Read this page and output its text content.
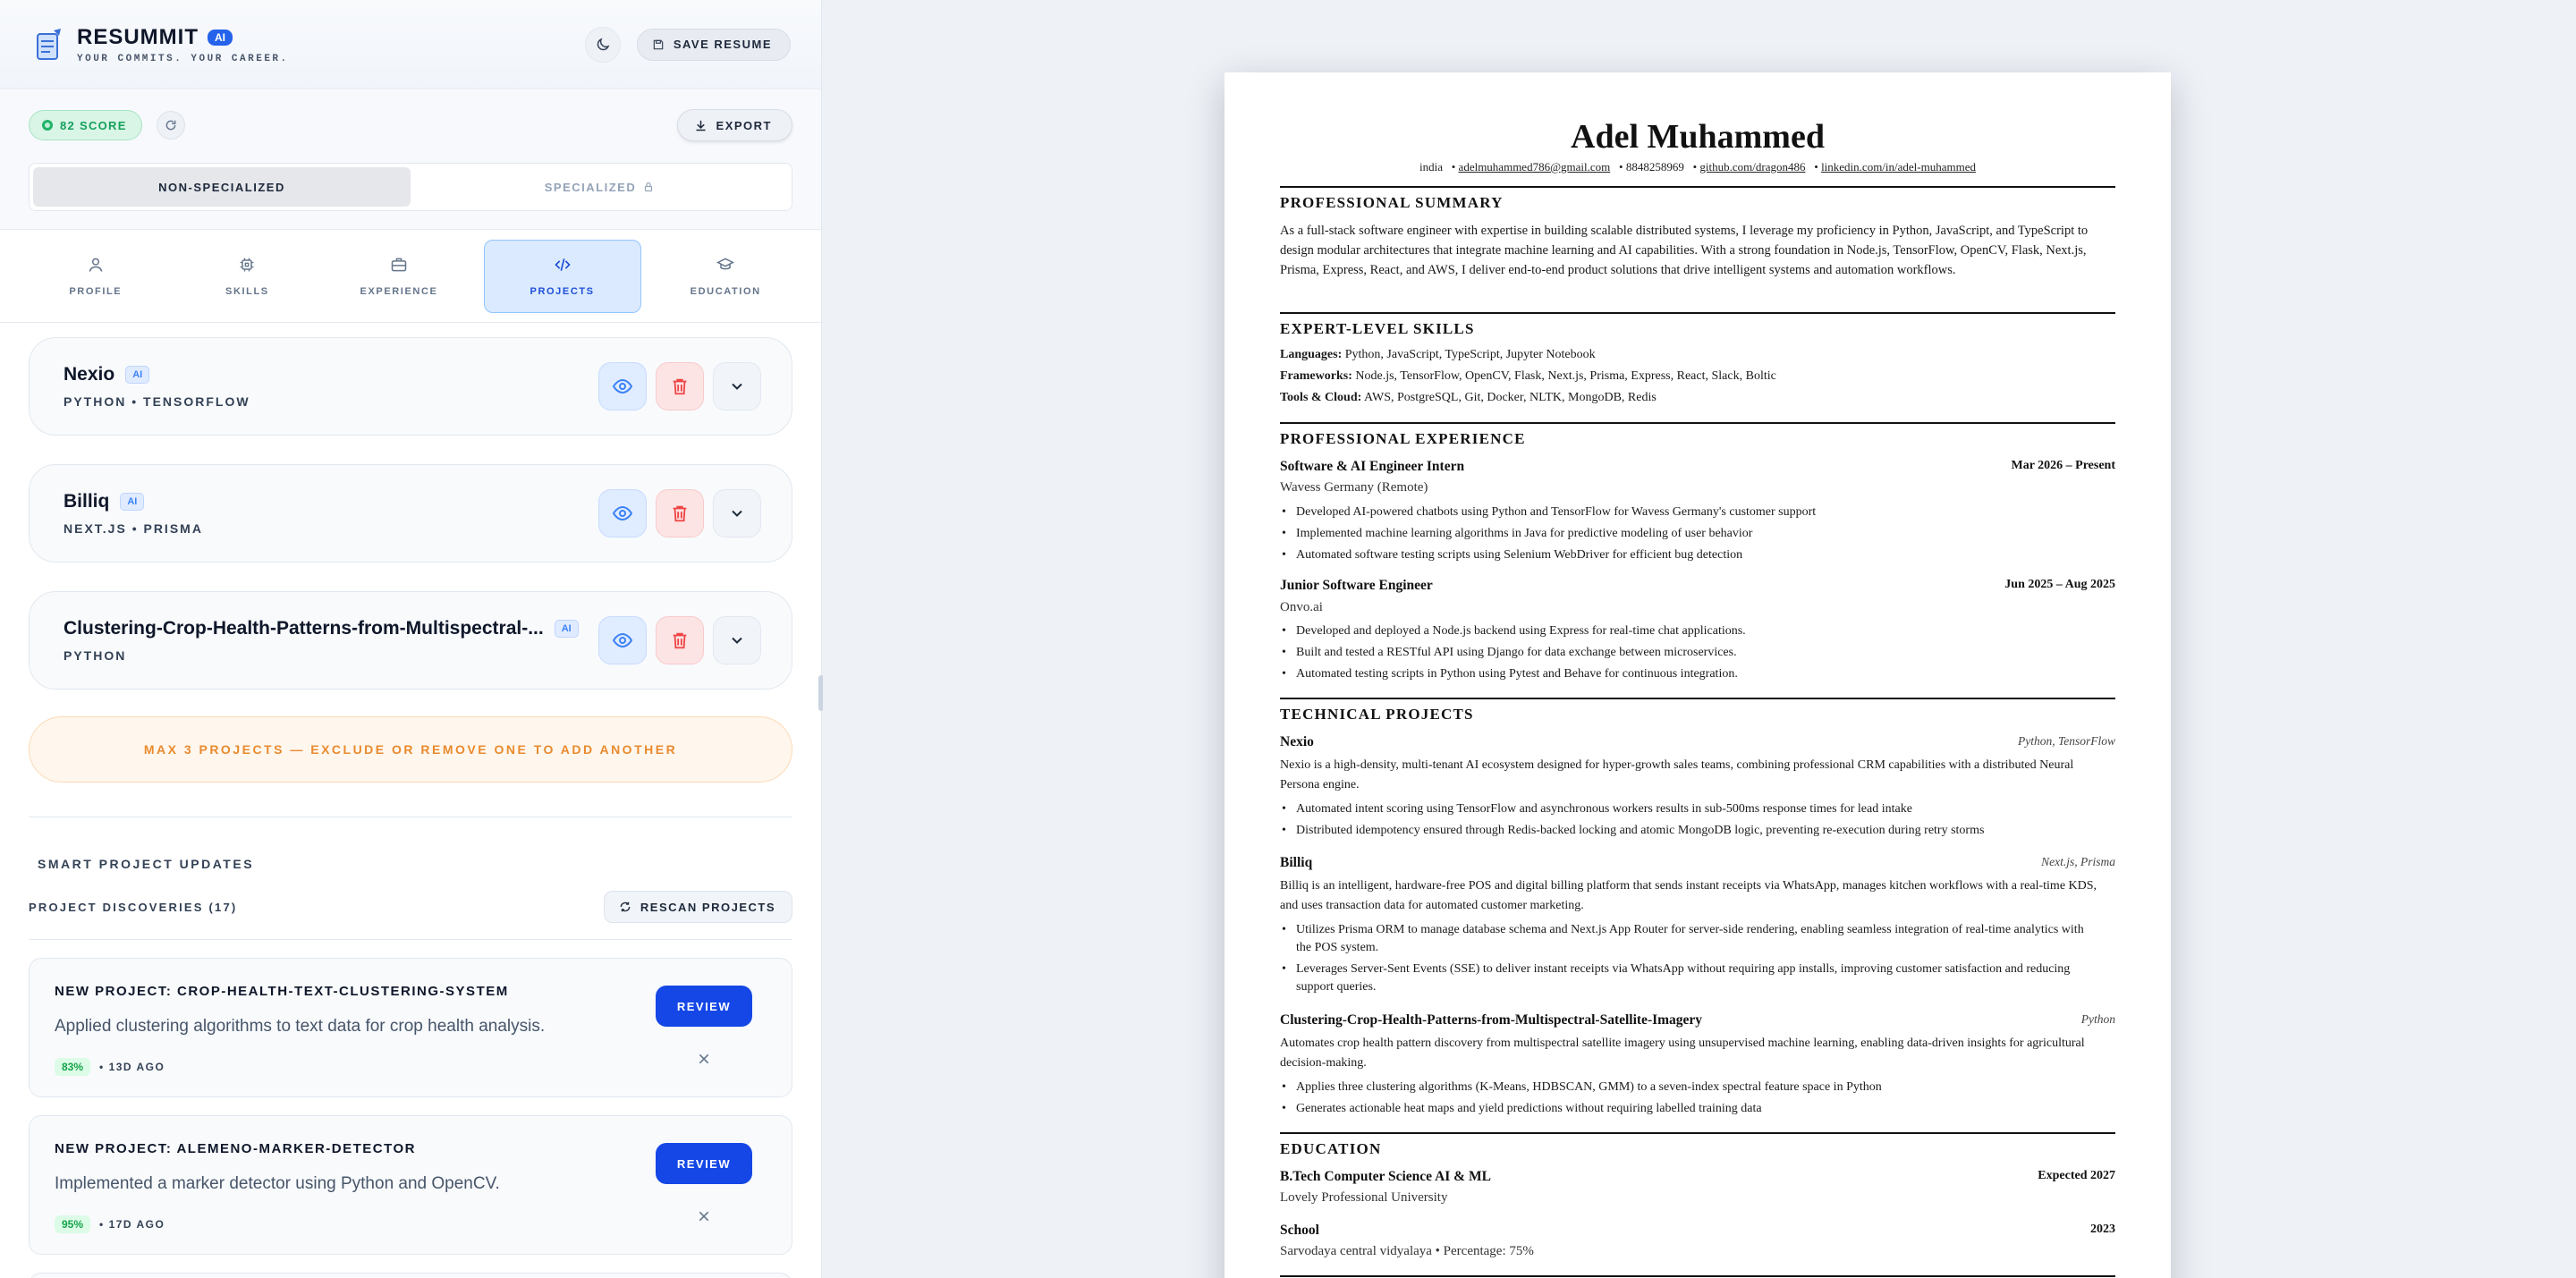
RESUMMIT	AI
YOUR COMMITS. YOUR CAREER.
SAVE RESUME
82 SCORE	EXPORT
NON-SPECIALIZED	SPECIALIZED
PROFILE	SKILLS	EXPERIENCE	PROJECTS	EDUCATION
Nexio	AI
PYTHON • TENSORFLOW
Billiq	AI
NEXT.JS • PRISMA
Clustering-Crop-Health-Patterns-from-Multispectral-...	AI
PYTHON
MAX 3 PROJECTS — EXCLUDE OR REMOVE ONE TO ADD ANOTHER
SMART PROJECT UPDATES
PROJECT DISCOVERIES (17)	RESCAN PROJECTS
NEW PROJECT: CROP-HEALTH-TEXT-CLUSTERING-SYSTEM
Applied clustering algorithms to text data for crop health analysis.
83%	• 13D AGO
REVIEW
NEW PROJECT: ALEMENO-MARKER-DETECTOR
Implemented a marker detector using Python and OpenCV.
95%	• 17D AGO
REVIEW
Adel Muhammed
india   • adelmuhammed786@gmail.com   • 8848258969   • github.com/dragon486   • linkedin.com/in/adel-muhammed
PROFESSIONAL SUMMARY
As a full-stack software engineer with expertise in building scalable distributed systems, I leverage my proficiency in Python, JavaScript, and TypeScript to design modular architectures that integrate machine learning and AI capabilities. With a strong foundation in Node.js, TensorFlow, OpenCV, Flask, Next.js, Prisma, Express, React, and AWS, I deliver end-to-end product solutions that drive intelligent systems and automation workflows.
EXPERT-LEVEL SKILLS
Languages: Python, JavaScript, TypeScript, Jupyter Notebook
Frameworks: Node.js, TensorFlow, OpenCV, Flask, Next.js, Prisma, Express, React, Slack, Boltic
Tools & Cloud: AWS, PostgreSQL, Git, Docker, NLTK, MongoDB, Redis
PROFESSIONAL EXPERIENCE
Software & AI Engineer Intern	Mar 2026 – Present
Wavess Germany (Remote)
• Developed AI-powered chatbots using Python and TensorFlow for Wavess Germany's customer support
• Implemented machine learning algorithms in Java for predictive modeling of user behavior
• Automated software testing scripts using Selenium WebDriver for efficient bug detection
Junior Software Engineer	Jun 2025 – Aug 2025
Onvo.ai
• Developed and deployed a Node.js backend using Express for real-time chat applications.
• Built and tested a RESTful API using Django for data exchange between microservices.
• Automated testing scripts in Python using Pytest and Behave for continuous integration.
TECHNICAL PROJECTS
Nexio	Python, TensorFlow
Nexio is a high-density, multi-tenant AI ecosystem designed for hyper-growth sales teams, combining professional CRM capabilities with a distributed Neural Persona engine.
• Automated intent scoring using TensorFlow and asynchronous workers results in sub-500ms response times for lead intake
• Distributed idempotency ensured through Redis-backed locking and atomic MongoDB logic, preventing re-execution during retry storms
Billiq	Next.js, Prisma
Billiq is an intelligent, hardware-free POS and digital billing platform that sends instant receipts via WhatsApp, manages kitchen workflows with a real-time KDS, and uses transaction data for automated customer marketing.
• Utilizes Prisma ORM to manage database schema and Next.js App Router for server-side rendering, enabling seamless integration of real-time analytics with the POS system.
• Leverages Server-Sent Events (SSE) to deliver instant receipts via WhatsApp without requiring app installs, improving customer satisfaction and reducing support queries.
Clustering-Crop-Health-Patterns-from-Multispectral-Satellite-Imagery	Python
Automates crop health pattern discovery from multispectral satellite imagery using unsupervised machine learning, enabling data-driven insights for agricultural decision-making.
• Applies three clustering algorithms (K-Means, HDBSCAN, GMM) to a seven-index spectral feature space in Python
• Generates actionable heat maps and yield predictions without requiring labelled training data
EDUCATION
B.Tech Computer Science AI & ML	Expected 2027
Lovely Professional University
School	2023
Sarvodaya central vidyalaya • Percentage: 75%
